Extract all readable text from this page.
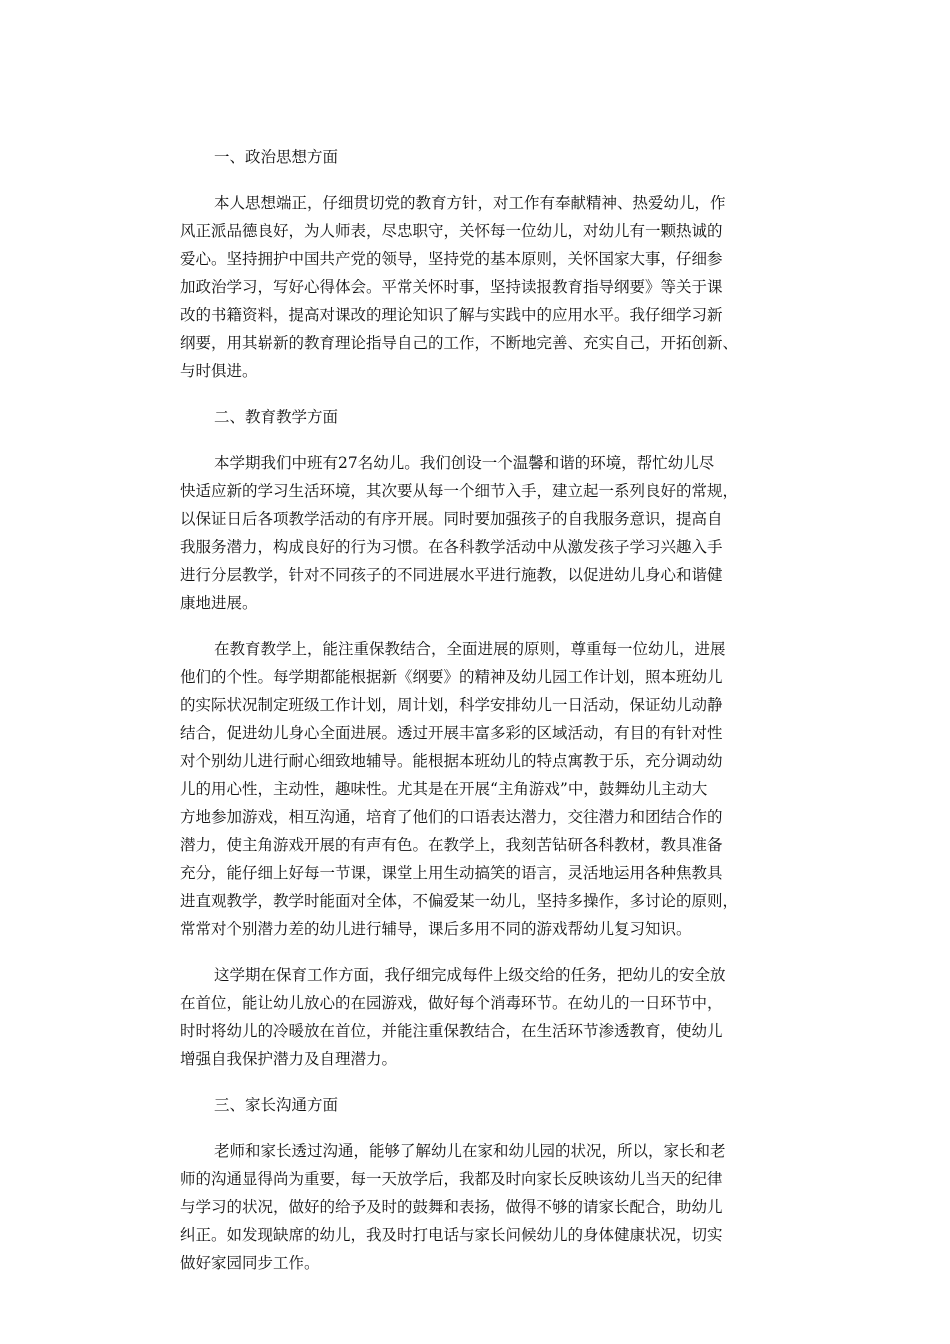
一、政治思想方面

本人思想端正，仔细贯切党的教育方针，对工作有奉献精神、热爱幼儿，作
风正派品德良好，为人师表，尽忠职守，关怀每一位幼儿，对幼儿有一颗热诚的
爱心。坚持拥护中国共产党的领导，坚持党的基本原则，关怀国家大事，仔细参
加政治学习，写好心得体会。平常关怀时事，坚持读报教育指导纲要》等关于课
改的书籍资料，提高对课改的理论知识了解与实践中的应用水平。我仔细学习新
纲要，用其崭新的教育理论指导自己的工作，不断地完善、充实自己，开拓创新、
与时俱进。

二、教育教学方面

本学期我们中班有27名幼儿。我们创设一个温馨和谐的环境，帮忙幼儿尽
快适应新的学习生活环境，其次要从每一个细节入手，建立起一系列良好的常规，
以保证日后各项教学活动的有序开展。同时要加强孩子的自我服务意识，提高自
我服务潜力，构成良好的行为习惯。在各科教学活动中从激发孩子学习兴趣入手
进行分层教学，针对不同孩子的不同进展水平进行施教，以促进幼儿身心和谐健
康地进展。

在教育教学上，能注重保教结合，全面进展的原则，尊重每一位幼儿，进展
他们的个性。每学期都能根据新《纲要》的精神及幼儿园工作计划，照本班幼儿
的实际状况制定班级工作计划，周计划，科学安排幼儿一日活动，保证幼儿动静
结合，促进幼儿身心全面进展。透过开展丰富多彩的区域活动，有目的有针对性
对个别幼儿进行耐心细致地辅导。能根据本班幼儿的特点寓教于乐，充分调动幼
儿的用心性，主动性，趣味性。尤其是在开展“主角游戏”中，鼓舞幼儿主动大
方地参加游戏，相互沟通，培育了他们的口语表达潜力，交往潜力和团结合作的
潜力，使主角游戏开展的有声有色。在教学上，我刻苦钻研各科教材，教具准备
充分，能仔细上好每一节课，课堂上用生动搞笑的语言，灵活地运用各种焦教具
进直观教学，教学时能面对全体，不偏爱某一幼儿，坚持多操作，多讨论的原则，
常常对个别潜力差的幼儿进行辅导，课后多用不同的游戏帮幼儿复习知识。

这学期在保育工作方面，我仔细完成每件上级交给的任务，把幼儿的安全放
在首位，能让幼儿放心的在园游戏，做好每个消毒环节。在幼儿的一日环节中，
时时将幼儿的冷暖放在首位，并能注重保教结合，在生活环节渗透教育，使幼儿
增强自我保护潜力及自理潜力。

三、家长沟通方面

老师和家长透过沟通，能够了解幼儿在家和幼儿园的状况，所以，家长和老
师的沟通显得尚为重要，每一天放学后，我都及时向家长反映该幼儿当天的纪律
与学习的状况，做好的给予及时的鼓舞和表扬，做得不够的请家长配合，助幼儿
纠正。如发现缺席的幼儿，我及时打电话与家长问候幼儿的身体健康状况，切实
做好家园同步工作。
